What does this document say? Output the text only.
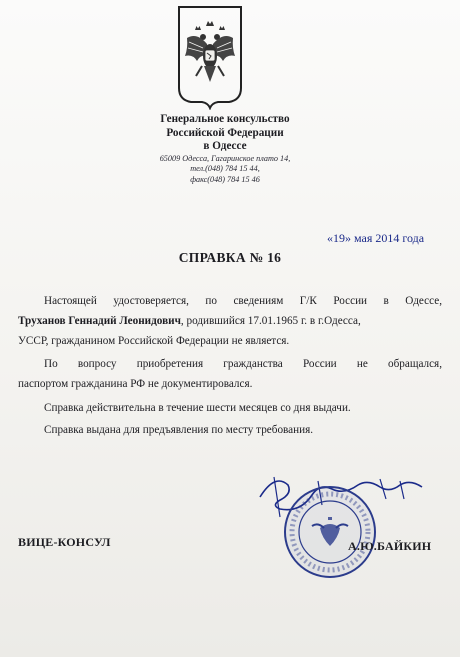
Генеральное консульство
Российской Федерации
в Одессе
65009 Одесса, Гагаринское плато 14,
тел.(048) 784 15 44,
факс(048) 784 15 46
«19» мая 2014 года
СПРАВКА № 16
Настоящей удостоверяется, по сведениям Г/К России в Одессе,
Труханов Геннадий Леонидович, родившийся 17.01.1965 г. в г.Одесса,
УССР, гражданином Российской Федерации не является.
По вопросу приобретения гражданства России не обращался,
паспортом гражданина РФ не документировался.
Справка действительна в течение шести месяцев со дня выдачи.
Справка выдана для предъявления по месту требования.
ВИЦЕ-КОНСУЛ	А.Ю.БАЙКИН
